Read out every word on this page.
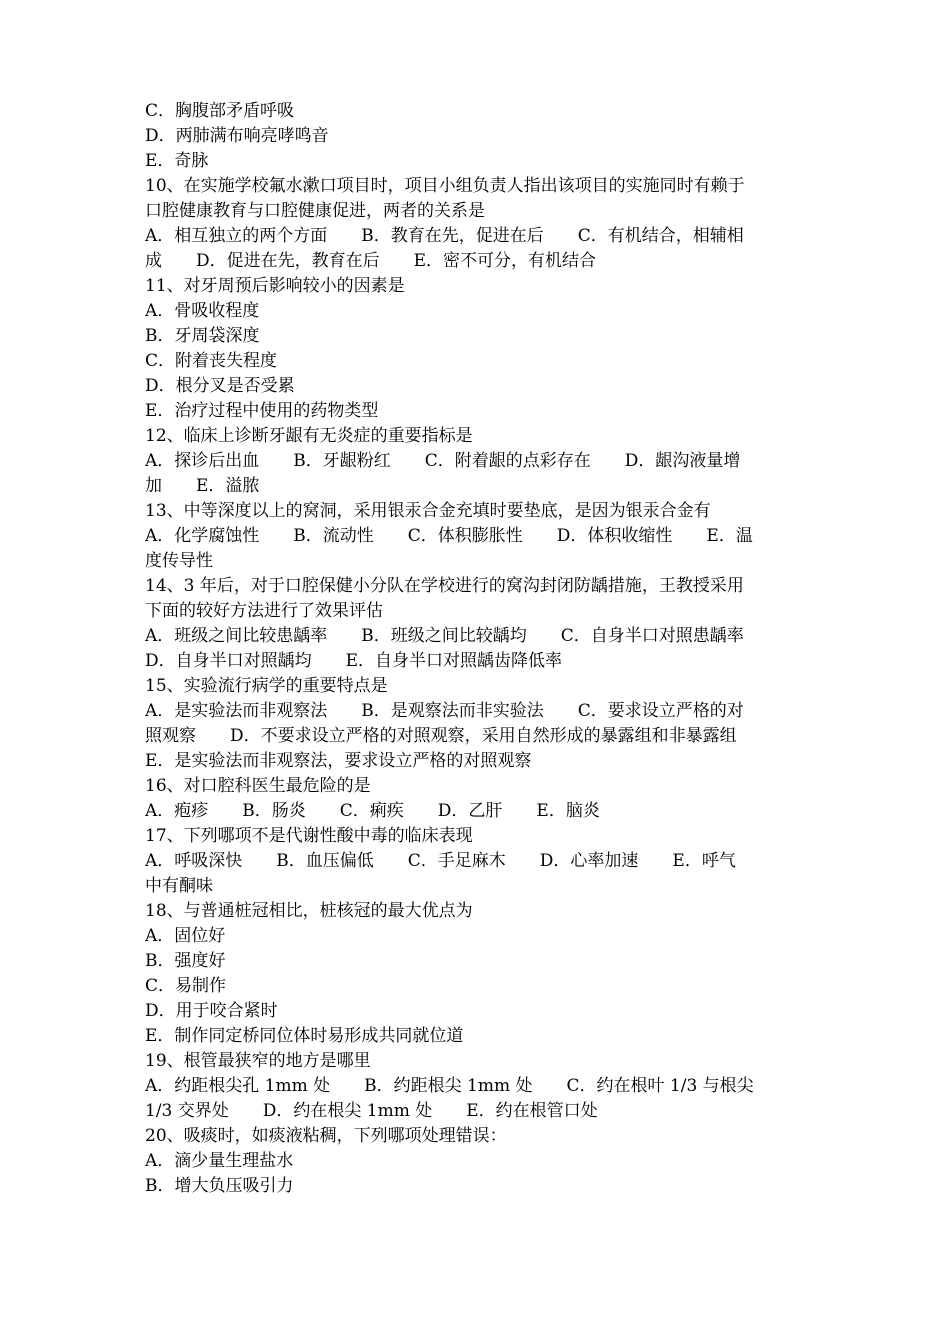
C．胸腹部矛盾呼吸
D．两肺满布响亮哮鸣音
E．奇脉
10、在实施学校氟水漱口项目时，项目小组负责人指出该项目的实施同时有赖于
口腔健康教育与口腔健康促进，两者的关系是
A．相互独立的两个方面　　B．教育在先，促进在后　　C．有机结合，相辅相
成　　D．促进在先，教育在后　　E．密不可分，有机结合
11、对牙周预后影响较小的因素是
A．骨吸收程度
B．牙周袋深度
C．附着丧失程度
D．根分叉是否受累
E．治疗过程中使用的药物类型
12、临床上诊断牙龈有无炎症的重要指标是
A．探诊后出血　　B．牙龈粉红　　C．附着龈的点彩存在　　D．龈沟液量增
加　　E．溢脓
13、中等深度以上的窝洞，采用银汞合金充填时要垫底，是因为银汞合金有
A．化学腐蚀性　　B．流动性　　C．体积膨胀性　　D．体积收缩性　　E．温
度传导性
14、3 年后，对于口腔保健小分队在学校进行的窝沟封闭防龋措施，王教授采用
下面的较好方法进行了效果评估
A．班级之间比较患龋率　　B．班级之间比较龋均　　C．自身半口对照患龋率
D．自身半口对照龋均　　E．自身半口对照龋齿降低率
15、实验流行病学的重要特点是
A．是实验法而非观察法　　B．是观察法而非实验法　　C．要求设立严格的对
照观察　　D．不要求设立严格的对照观察，采用自然形成的暴露组和非暴露组
E．是实验法而非观察法，要求设立严格的对照观察
16、对口腔科医生最危险的是
A．疱疹　　B．肠炎　　C．痢疾　　D．乙肝　　E．脑炎
17、下列哪项不是代谢性酸中毒的临床表现
A．呼吸深快　　B．血压偏低　　C．手足麻木　　D．心率加速　　E．呼气
中有酮味
18、与普通桩冠相比，桩核冠的最大优点为
A．固位好
B．强度好
C．易制作
D．用于咬合紧时
E．制作同定桥同位体时易形成共同就位道
19、根管最狭窄的地方是哪里
A．约距根尖孔 1mm 处　　B．约距根尖 1mm 处　　C．约在根叶 1/3 与根尖
1/3 交界处　　D．约在根尖 1mm 处　　E．约在根管口处
20、吸痰时，如痰液粘稠，下列哪项处理错误：
A．滴少量生理盐水
B．增大负压吸引力
